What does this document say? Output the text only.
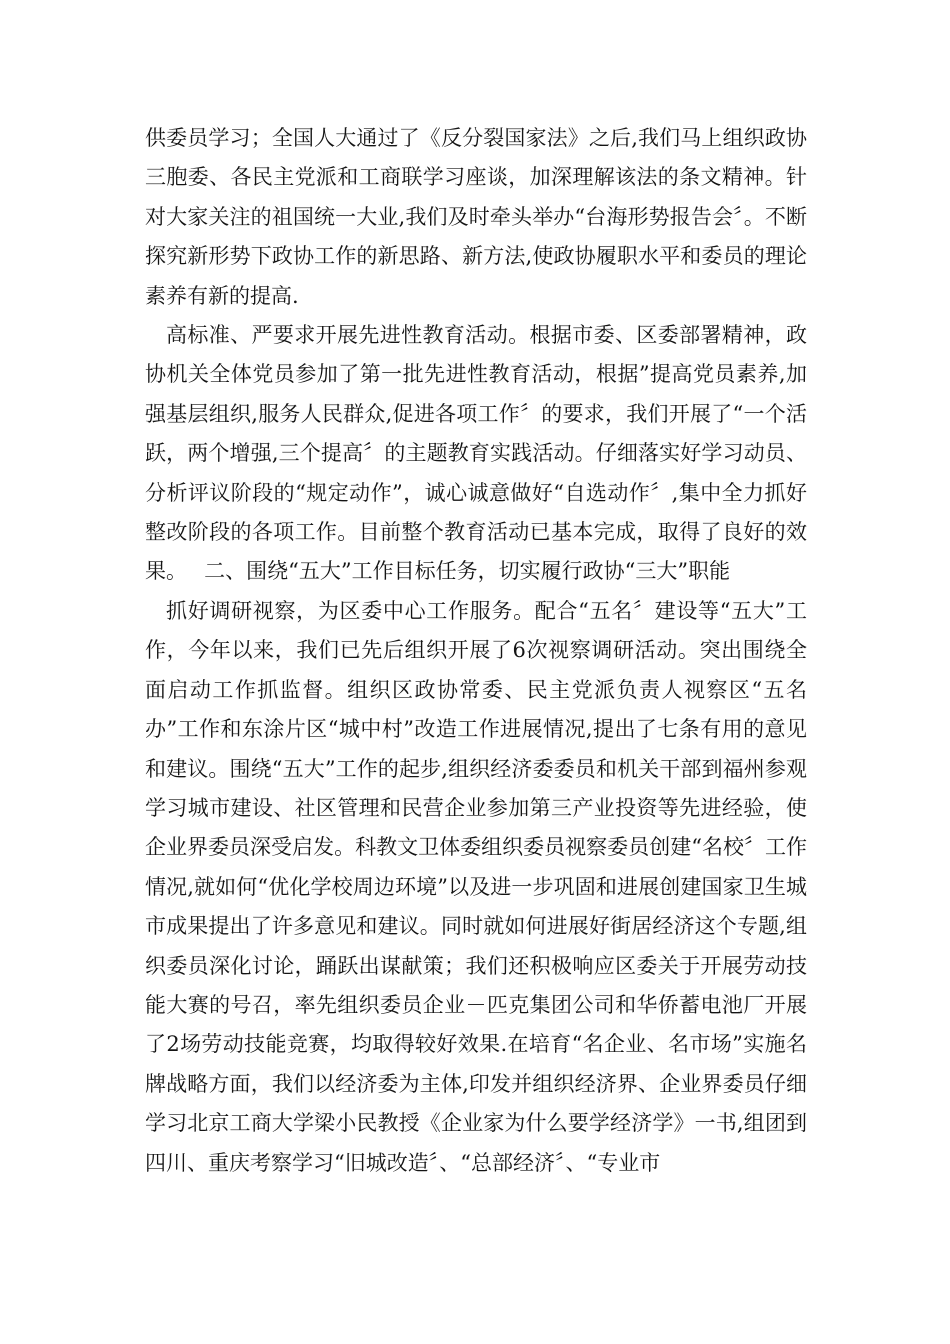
供委员学习；全国人大通过了《反分裂国家法》之后,我们马上组织政协三胞委、各民主党派和工商联学习座谈，加深理解该法的条文精神。针对大家关注的祖国统一大业,我们及时牵头举办“台海形势报告会〞。不断探究新形势下政协工作的新思路、新方法,使政协履职水平和委员的理论素养有新的提高.

高标准、严要求开展先进性教育活动。根据市委、区委部署精神，政协机关全体党员参加了第一批先进性教育活动，根据”提高党员素养,加强基层组织,服务人民群众,促进各项工作〞的要求，我们开展了“一个活跃，两个增强,三个提高〞的主题教育实践活动。仔细落实好学习动员、分析评议阶段的“规定动作”，诚心诚意做好“自选动作〞,集中全力抓好整改阶段的各项工作。目前整个教育活动已基本完成，取得了良好的效果。　 二、围绕“五大”工作目标任务，切实履行政协“三大”职能

抓好调研视察，为区委中心工作服务。配合“五名〞建设等“五大”工作，今年以来，我们已先后组织开展了6次视察调研活动。突出围绕全面启动工作抓监督。组织区政协常委、民主党派负责人视察区“五名办”工作和东涂片区“城中村”改造工作进展情况,提出了七条有用的意见和建议。围绕“五大”工作的起步,组织经济委委员和机关干部到福州参观学习城市建设、社区管理和民营企业参加第三产业投资等先进经验，使企业界委员深受启发。科教文卫体委组织委员视察委员创建“名校〞工作情况,就如何“优化学校周边环境”以及进一步巩固和进展创建国家卫生城市成果提出了许多意见和建议。同时就如何进展好街居经济这个专题,组织委员深化讨论，踊跃出谋献策；我们还积极响应区委关于开展劳动技能大赛的号召，率先组织委员企业－匹克集团公司和华侨蓄电池厂开展了2场劳动技能竞赛，均取得较好效果.在培育“名企业、名市场”实施名牌战略方面，我们以经济委为主体,印发并组织经济界、企业界委员仔细学习北京工商大学梁小民教授《企业家为什么要学经济学》一书,组团到四川、重庆考察学习“旧城改造〞、“总部经济〞、“专业市
